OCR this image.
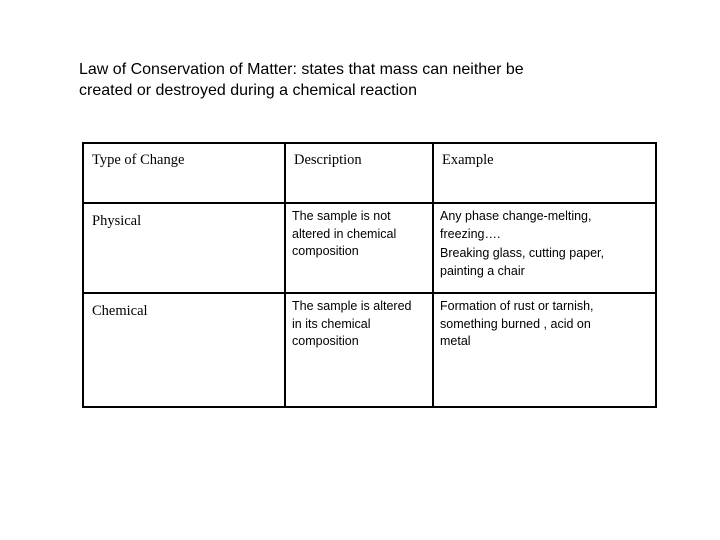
Law of Conservation of Matter: states that mass can neither be
created or destroyed during a chemical reaction
Type of Change	Description	Example

Physical	The sample is not
altered in chemical
composition	Any phase change-melting,
freezing….
Breaking glass, cutting paper,
painting a chair

Chemical	The sample is altered
in its chemical
composition	Formation of rust or tarnish,
something burned , acid on
metal
